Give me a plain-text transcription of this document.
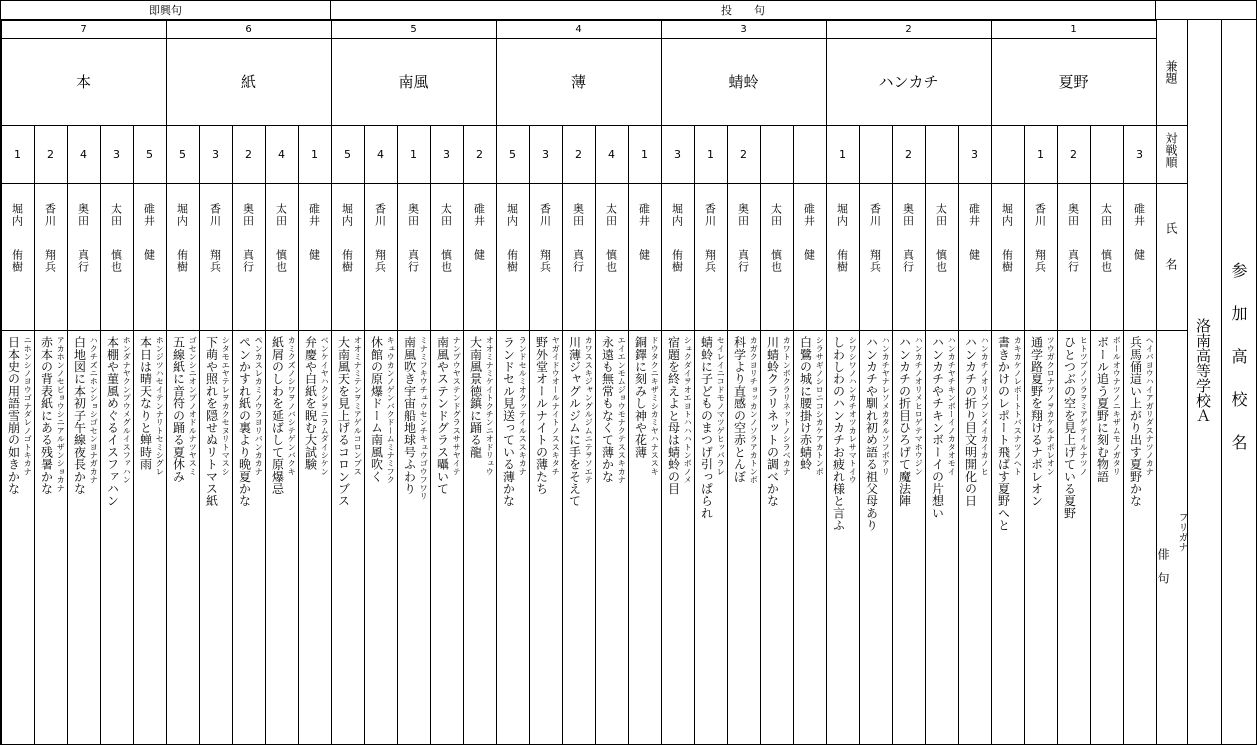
即興句	投　　句
7
本
1
堀内
侑樹
ニホンシノヨウゴナダレノゴトキカナ
日本史の用語雪崩の如きかな
2
香川
翔兵
アカホンノセビョウシニアルザンショカナ
赤本の背表紙にある残暑かな
4
奥田
真行
ハクチズニホンショシゴセンヨナガカナ
白地図に本初子午線夜長かな
3
太田
慎也
ホンダナヤクンプウメグルイスファハン
本棚や菫風めぐるイスファハン
5
碓井
健
ホンジツハセイテンナリトセミシグレ
本日は晴天なりと蝉時雨
6
紙
5
堀内
侑樹
ゴセンシニオンプノオドルナツヤスミ
五線紙に音符の踊る夏休み
3
香川
翔兵
シタモエヤテレヲカクセヌリトマスシ
下萌や照れを隠せぬリトマス紙
2
奥田
真行
ペンカスレカミノウラヨリバンカカナ
ぺンかすれ紙の裏より晩夏かな
4
太田
慎也
カミクズノシワヲノバシテゲンバクキ
紙屑のしわを延ばして原爆忌
1
碓井
健
ベンケイヤハクシヲニラムダイシケン
弁慶や白紙を睨む大試験
5
南風
5
堀内
侑樹
オオミナミテンヲミアゲルコロンブス
大南風天を見上げるコロンブス
4
香川
翔兵
キュウカンノゲンバクドームミナミフク
休館の原爆ドーム南風吹く
1
奥田
真行
ミナミフキウチュウセンチキュウゴウフワリ
南風吹き宇宙船地球号ふわり
3
太田
慎也
ナンプウヤステンドグラスササヤイテ
南風やステンドグラス囁いて
2
碓井
健
オオミナミケイトクチンニオドリュウ
大南風景徳鎮に踊る龍
4
薄
5
堀内
侑樹
ランドセルミオクッテイルススキカナ
ランドセル見送っている薄かな
3
香川
翔兵
ヤガイドウオールナイトノススキタチ
野外堂オールナイトの薄たち
2
奥田
真行
カワススキジャングルジムニテヲソエテ
川薄ジャグルジムに手をそえて
4
太田
慎也
エイエンモムジョウモナクテススキカナ
永遠も無常もなくて薄かな
1
碓井
健
ドウタクニキザミシカミヤハナススキ
銅鐸に刻みし神や花薄
3
蜻蛉
3
堀内
侑樹
シュクダイヲオエヨトハハハトンボノメ
宿題を終えよと母は蜻蛉の目
1
香川
翔兵
セイレイニコドモノマツゲヒッパラレ
蜻蛉に子どものまつげ引っぱられ
2
奥田
真行
カガクヨリチョッカンノソラアカトンボ
科学より直感の空赤とんぼ
太田
慎也
カワトンボクラリネットノシラベカナ
川蜻蛉クラリネットの調べかな
碓井
健
シラサギノシロニコシカケアカトンボ
白鷺の城に腰掛け赤蜻蛉
2
ハンカチ
1
堀内
侑樹
シワシワノハンカチオツカレサマトイウ
しわしわのハンカチお疲れ様と言ふ
香川
翔兵
ハンカチヤナレソメカタルソフボアリ
ハンカチや馴れ初め語る祖父母あり
2
奥田
真行
ハンカチノオリメヒロゲテマホウジン
ハンカチの折目ひろげて魔法陣
太田
慎也
ハンカチヤチキンボーイノカタオモイ
ハンカチやチキンボーイの片想い
3
碓井
健
ハンカチノオリメブンメイカイカノヒ
ハンカチの折り目文明開化の日
1
夏野
堀内
侑樹
カキカケノレポートトバスナツノヘト
書きかけのレポート飛ばす夏野へと
1
香川
翔兵
ツウガクロナツノヲカケルナポレオン
通学路夏野を翔けるナポレオン
2
奥田
真行
ヒトツブノソラヲミアゲテイルナツノ
ひとつぶの空を見上げている夏野
太田
慎也
ボールオウナツノニキザムモノガタリ
ボール追う夏野に刻む物語
3
碓井
健
ヘイバヨウハイアガリダスナツノカナ
兵馬俑這い上がり出す夏野かな
兼題
対戦順
氏　　名
俳　句
フリガナ
洛南高等学校Ａ 参 加 高 校 名
